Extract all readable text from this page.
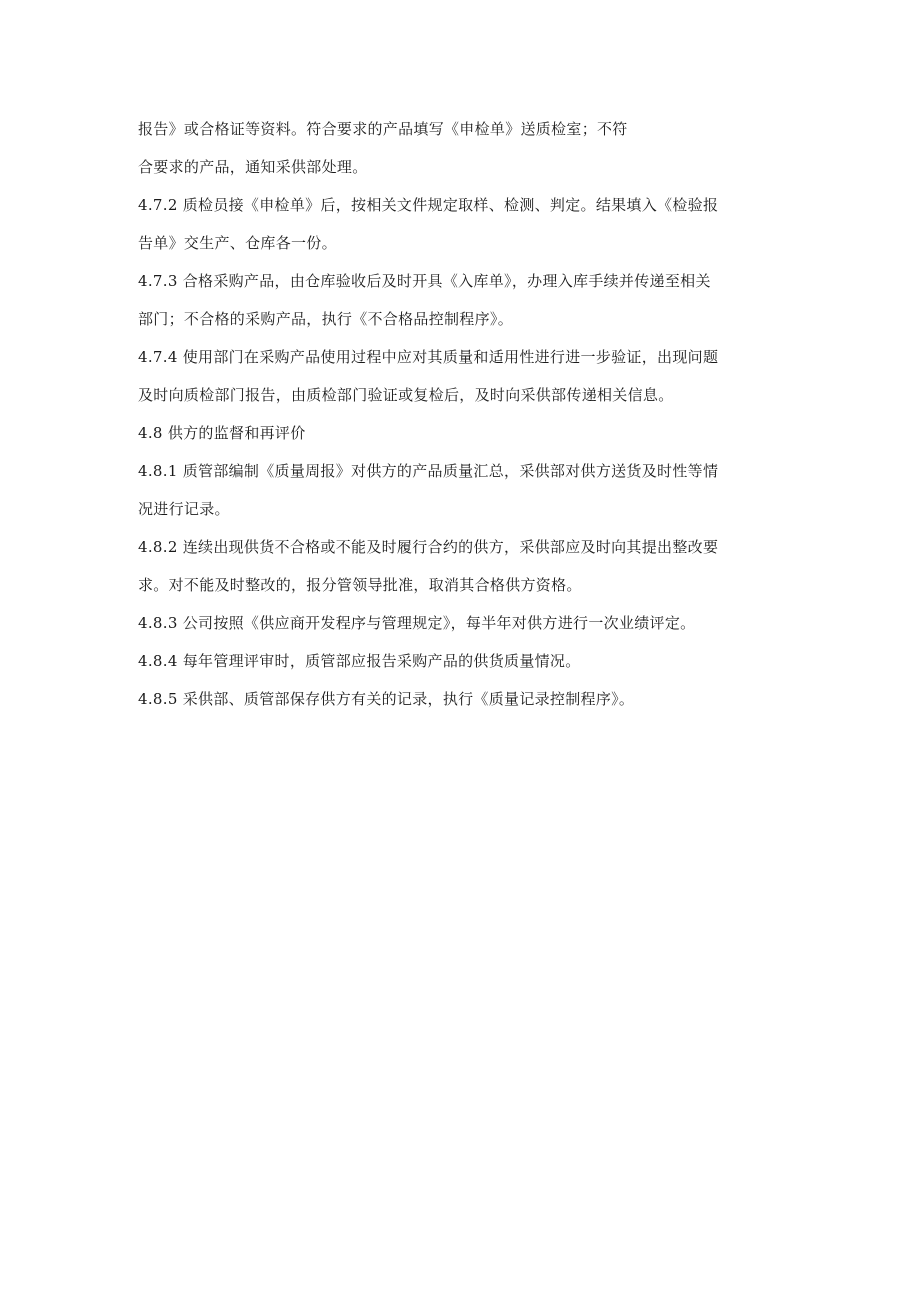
报告》或合格证等资料。符合要求的产品填写《申检单》送质检室；不符

合要求的产品，通知采供部处理。

4.7.2 质检员接《申检单》后，按相关文件规定取样、检测、判定。结果填入《检验报

告单》交生产、仓库各一份。

4.7.3 合格采购产品，由仓库验收后及时开具《入库单》，办理入库手续并传递至相关

部门；不合格的采购产品，执行《不合格品控制程序》。

4.7.4 使用部门在采购产品使用过程中应对其质量和适用性进行进一步验证，出现问题

及时向质检部门报告，由质检部门验证或复检后，及时向采供部传递相关信息。

4.8 供方的监督和再评价

4.8.1 质管部编制《质量周报》对供方的产品质量汇总，采供部对供方送货及时性等情

况进行记录。

4.8.2 连续出现供货不合格或不能及时履行合约的供方，采供部应及时向其提出整改要

求。对不能及时整改的，报分管领导批准，取消其合格供方资格。

4.8.3 公司按照《供应商开发程序与管理规定》，每半年对供方进行一次业绩评定。

4.8.4 每年管理评审时，质管部应报告采购产品的供货质量情况。

4.8.5 采供部、质管部保存供方有关的记录，执行《质量记录控制程序》。
